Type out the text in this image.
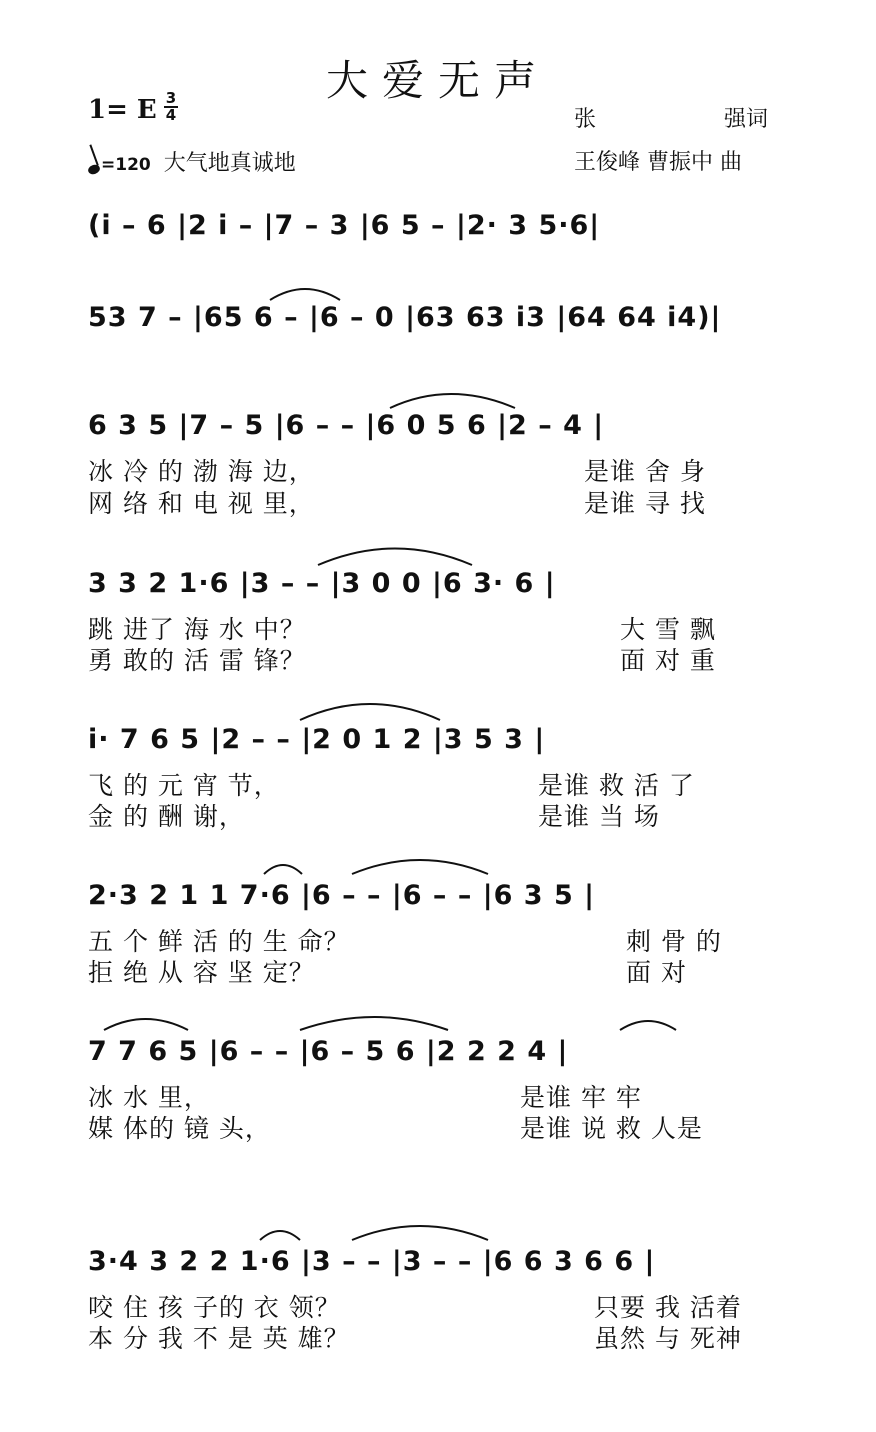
大爱无声
1= E 3
4
=120 大气地真诚地
张	强词
王俊峰 曹振中 曲
(i – 6 |2 i – |7 – 3 |6 5 – |2· 3 5·6|
53 7 – |65 6 – |6 – 0 |63 63 i3 |64 64 i4)|
6 3 5 |7 – 5 |6 – – |6 0 5 6 |2 – 4 |
冰 冷 的 渤 海 边，	是谁 舍 身
网 络 和 电 视 里，	是谁 寻 找
3 3 2 1·6 |3 – – |3 0 0 |6 3· 6 |
跳 进了 海 水 中？	大 雪 飘
勇 敢的 活 雷 锋？	面 对 重
i· 7 6 5 |2 – – |2 0 1 2 |3 5 3 |
飞 的 元 宵 节，	是谁 救 活 了
金 的 酬 谢，	是谁 当 场
2·3 2 1 1 7·6 |6 – – |6 – – |6 3 5 |
五 个 鲜 活 的 生 命？	刺 骨 的
拒 绝 从 容 坚 定？	面 对
7 7 6 5 |6 – – |6 – 5 6 |2 2 2 4 |
冰 水 里，	是谁 牢 牢
媒 体的 镜 头，	是谁 说 救 人是
3·4 3 2 2 1·6 |3 – – |3 – – |6 6 3 6 6 |
咬 住 孩 子的 衣 领？	只要 我 活着
本 分 我 不 是 英 雄？	虽然 与 死神
